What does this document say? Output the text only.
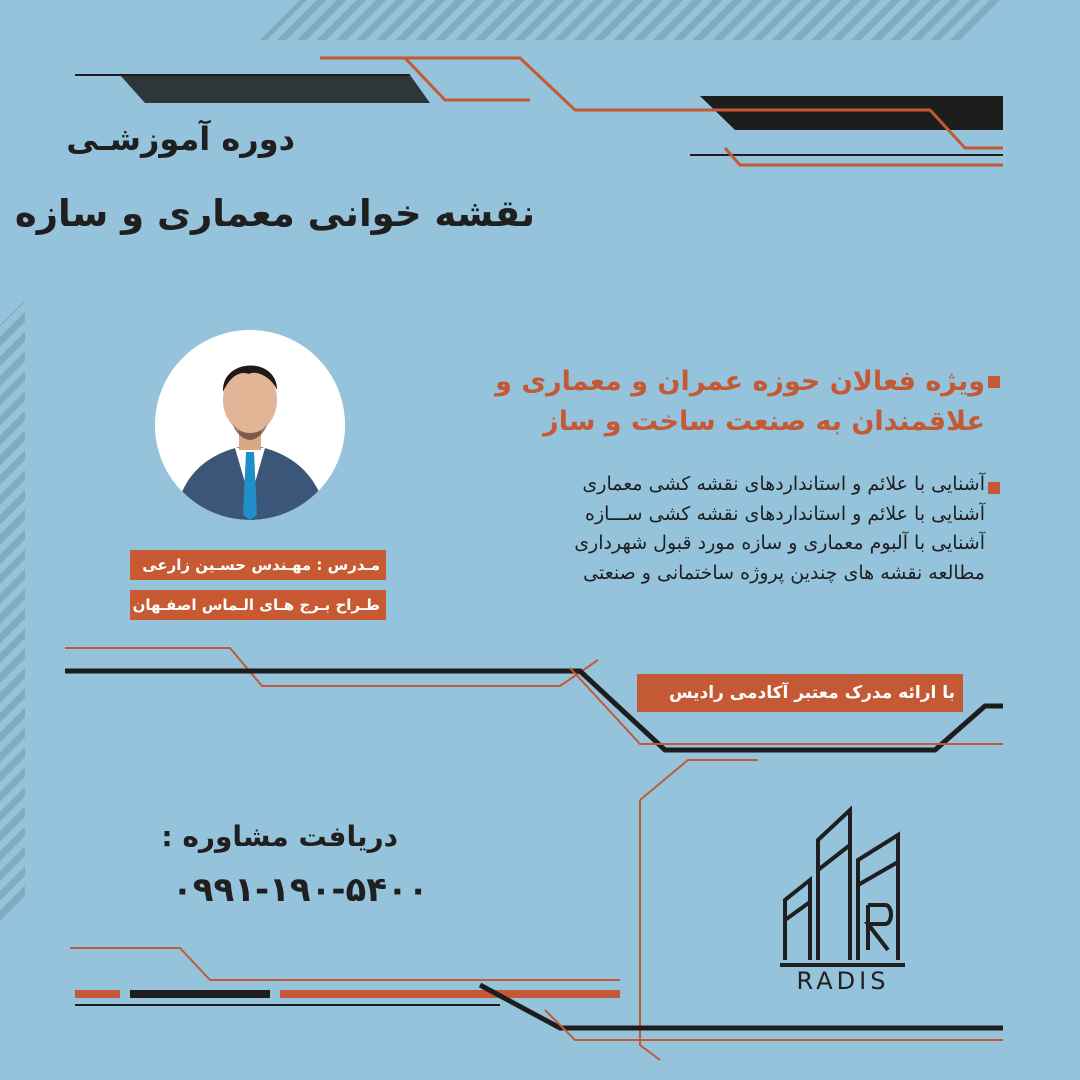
دوره آموزشـی
نقشه خوانی معماری و سازه
مـدرس : مهـندس حسـین زارعی
طـراح بـرج هـای الـماس اصفـهان
ویژه فعالان حوزه عمران و معماری و
علاقمندان به صنعت ساخت و ساز
آشنایی با علائم و استانداردهای نقشه کشی معماری
آشنایی با علائم و استانداردهای نقشه کشی ســـازه
آشنایی با آلبوم معماری و سازه مورد قبول شهرداری
مطالعه نقشه های چندین پروژه ساختمانی و صنعتی
با ارائه مدرک معتبر آکادمی رادیس
دریافت مشاوره :
۰۹۹۱-۱۹۰-۵۴۰۰
RADIS
